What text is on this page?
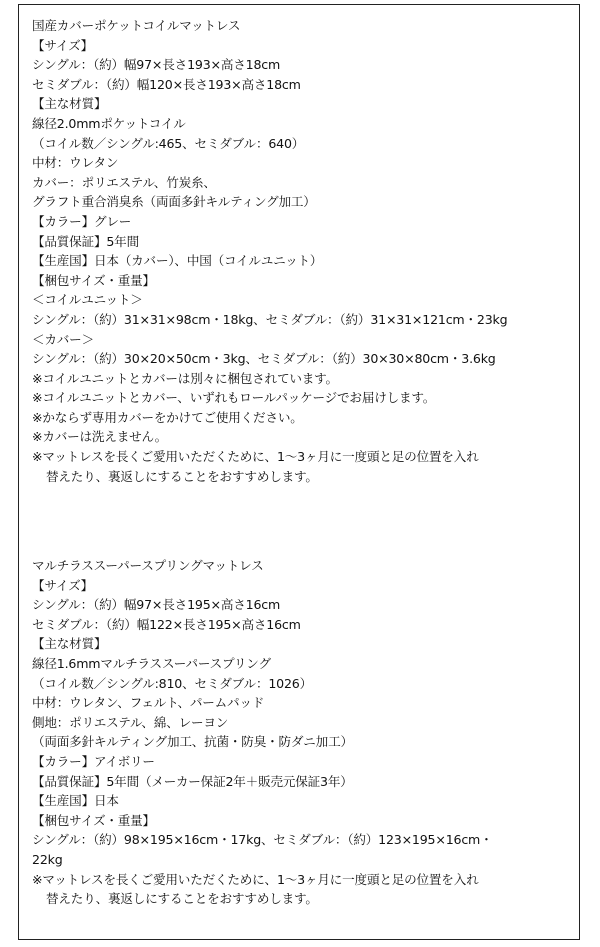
国産カバーポケットコイルマットレス
【サイズ】
シングル：（約）幅97×長さ193×高さ18cm
セミダブル：（約）幅120×長さ193×高さ18cm
【主な材質】
線径2.0mmポケットコイル
（コイル数／シングル:465、セミダブル：640）
中材：ウレタン
カバー：ポリエステル、竹炭糸、
グラフト重合消臭糸（両面多針キルティング加工）
【カラー】グレー
【品質保証】5年間
【生産国】日本（カバー）、中国（コイルユニット）
【梱包サイズ・重量】
＜コイルユニット＞
シングル：（約）31×31×98cm・18kg、セミダブル：（約）31×31×121cm・23kg
＜カバー＞
シングル：（約）30×20×50cm・3kg、セミダブル：（約）30×30×80cm・3.6kg
※コイルユニットとカバーは別々に梱包されています。
※コイルユニットとカバー、いずれもロールパッケージでお届けします。
※かならず専用カバーをかけてご使用ください。
※カバーは洗えません。
※マットレスを長くご愛用いただくために、1〜3ヶ月に一度頭と足の位置を入れ
替えたり、裏返しにすることをおすすめします。
マルチラススーパースプリングマットレス
【サイズ】
シングル：（約）幅97×長さ195×高さ16cm
セミダブル：（約）幅122×長さ195×高さ16cm
【主な材質】
線径1.6mmマルチラススーパースプリング
（コイル数／シングル:810、セミダブル：1026）
中材：ウレタン、フェルト、パームパッド
側地：ポリエステル、綿、レーヨン
（両面多針キルティング加工、抗菌・防臭・防ダニ加工）
【カラー】アイボリー
【品質保証】5年間（メーカー保証2年＋販売元保証3年）
【生産国】日本
【梱包サイズ・重量】
シングル：（約）98×195×16cm・17kg、セミダブル：（約）123×195×16cm・
22kg
※マットレスを長くご愛用いただくために、1〜3ヶ月に一度頭と足の位置を入れ
替えたり、裏返しにすることをおすすめします。
